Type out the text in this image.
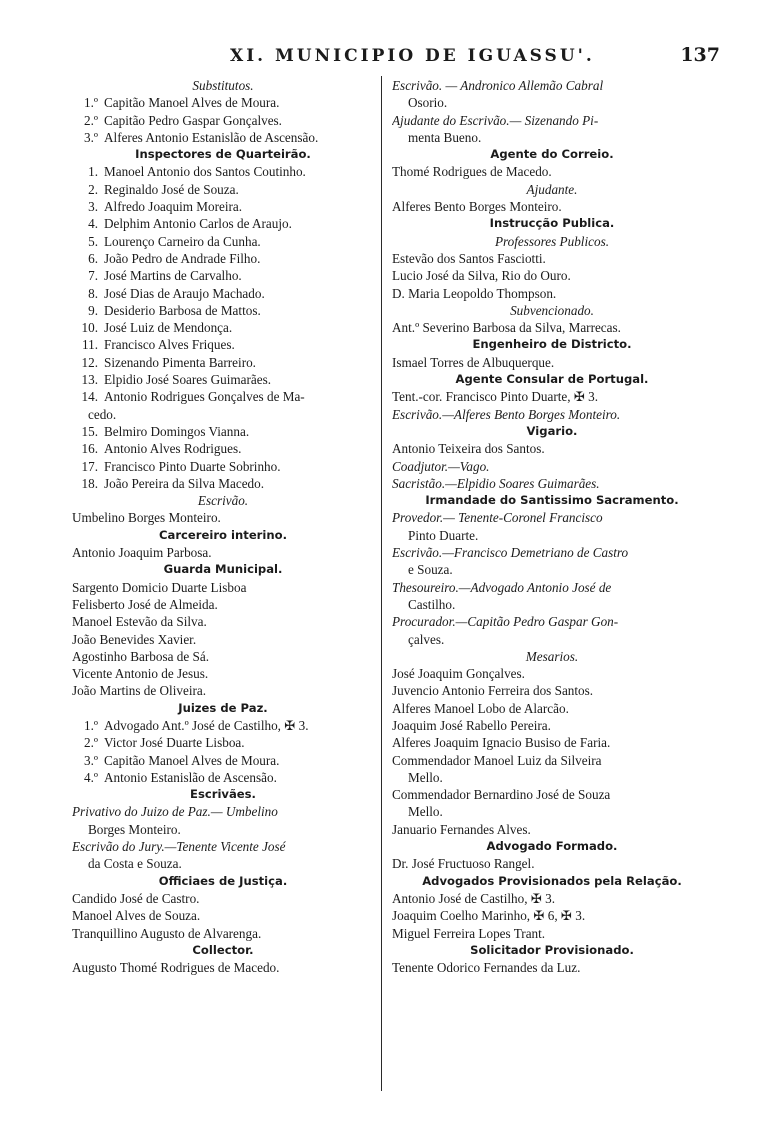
XI. MUNICIPIO DE IGUASSU'.	137
Substitutos.
1.º Capitão Manoel Alves de Moura.
2.º Capitão Pedro Gaspar Gonçalves.
3.º Alferes Antonio Estanislão de Ascensão.
Inspectores de Quarteirão.
1. Manoel Antonio dos Santos Coutinho.
2. Reginaldo José de Souza.
3. Alfredo Joaquim Moreira.
4. Delphim Antonio Carlos de Araujo.
5. Lourenço Carneiro da Cunha.
6. João Pedro de Andrade Filho.
7. José Martins de Carvalho.
8. José Dias de Araujo Machado.
9. Desiderio Barbosa de Mattos.
10. José Luiz de Mendonça.
11. Francisco Alves Friques.
12. Sizenando Pimenta Barreiro.
13. Elpidio José Soares Guimarães.
14. Antonio Rodrigues Gonçalves de Ma-
cedo.
15. Belmiro Domingos Vianna.
16. Antonio Alves Rodrigues.
17. Francisco Pinto Duarte Sobrinho.
18. João Pereira da Silva Macedo.
Escrivão.
Umbelino Borges Monteiro.
Carcereiro interino.
Antonio Joaquim Parbosa.
Guarda Municipal.
Sargento Domicio Duarte Lisboa
Felisberto José de Almeida.
Manoel Estevão da Silva.
João Benevides Xavier.
Agostinho Barbosa de Sá.
Vicente Antonio de Jesus.
João Martins de Oliveira.
Juizes de Paz.
1.º Advogado Ant.º José de Castilho, ✠ 3.
2.º Victor José Duarte Lisboa.
3.º Capitão Manoel Alves de Moura.
4.º Antonio Estanislão de Ascensão.
Escrivães.
Privativo do Juizo de Paz.— Umbelino
Borges Monteiro.
Escrivão do Jury.—Tenente Vicente José
da Costa e Souza.
Officiaes de Justiça.
Candido José de Castro.
Manoel Alves de Souza.
Tranquillino Augusto de Alvarenga.
Collector.
Augusto Thomé Rodrigues de Macedo.
Escrivão. — Andronico Allemão Cabral
Osorio.
Ajudante do Escrivão.— Sizenando Pi-
menta Bueno.
Agente do Correio.
Thomé Rodrigues de Macedo.
Ajudante.
Alferes Bento Borges Monteiro.
Instrucção Publica.
Professores Publicos.
Estevão dos Santos Fasciotti.
Lucio José da Silva, Rio do Ouro.
D. Maria Leopoldo Thompson.
Subvencionado.
Ant.º Severino Barbosa da Silva, Marrecas.
Engenheiro de Districto.
Ismael Torres de Albuquerque.
Agente Consular de Portugal.
Tent.-cor. Francisco Pinto Duarte, ✠ 3.
Escrivão.—Alferes Bento Borges Monteiro.
Vigario.
Antonio Teixeira dos Santos.
Coadjutor.—Vago.
Sacristão.—Elpidio Soares Guimarães.
Irmandade do Santissimo Sacramento.
Provedor.— Tenente-Coronel Francisco
Pinto Duarte.
Escrivão.—Francisco Demetriano de Castro
e Souza.
Thesoureiro.—Advogado Antonio José de
Castilho.
Procurador.—Capitão Pedro Gaspar Gon-
çalves.
Mesarios.
José Joaquim Gonçalves.
Juvencio Antonio Ferreira dos Santos.
Alferes Manoel Lobo de Alarcão.
Joaquim José Rabello Pereira.
Alferes Joaquim Ignacio Busiso de Faria.
Commendador Manoel Luiz da Silveira
Mello.
Commendador Bernardino José de Souza
Mello.
Januario Fernandes Alves.
Advogado Formado.
Dr. José Fructuoso Rangel.
Advogados Provisionados pela Relação.
Antonio José de Castilho, ✠ 3.
Joaquim Coelho Marinho, ✠ 6, ✠ 3.
Miguel Ferreira Lopes Trant.
Solicitador Provisionado.
Tenente Odorico Fernandes da Luz.
